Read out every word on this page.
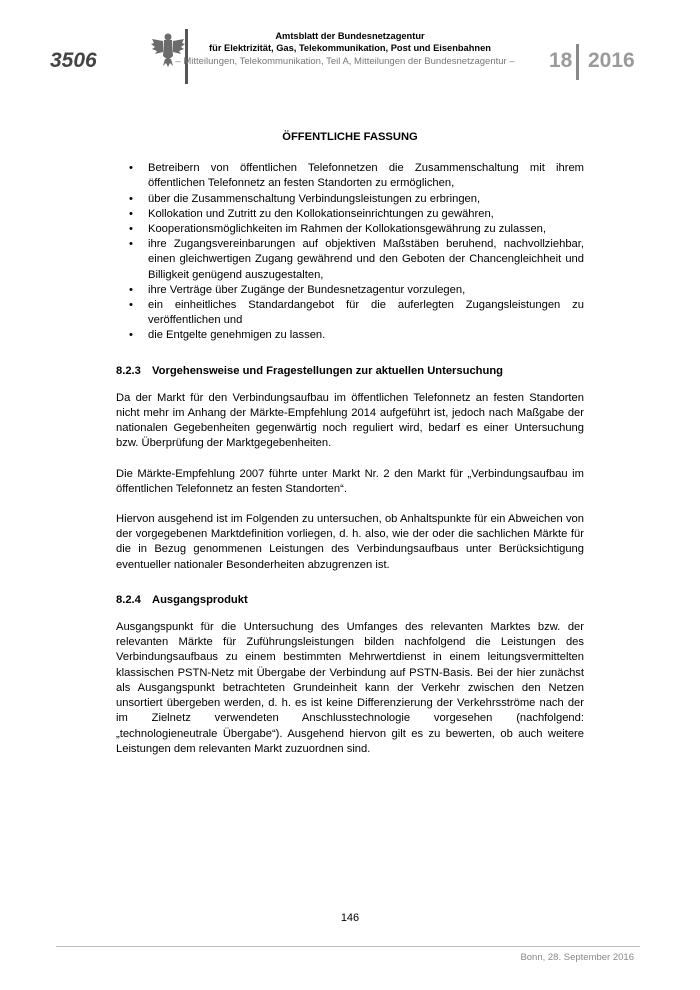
3506
Amtsblatt der Bundesnetzagentur
für Elektrizität, Gas, Telekommunikation, Post und Eisenbahnen
– Mitteilungen, Telekommunikation, Teil A, Mitteilungen der Bundesnetzagentur –	18 2016
ÖFFENTLICHE FASSUNG
• Betreibern von öffentlichen Telefonnetzen die Zusammenschaltung mit ihrem öffentlichen Telefonnetz an festen Standorten zu ermöglichen,
• über die Zusammenschaltung Verbindungsleistungen zu erbringen,
• Kollokation und Zutritt zu den Kollokationseinrichtungen zu gewähren,
• Kooperationsmöglichkeiten im Rahmen der Kollokationsgewährung zu zulassen,
• ihre Zugangsvereinbarungen auf objektiven Maßstäben beruhend, nachvollziehbar, einen gleichwertigen Zugang gewährend und den Geboten der Chancengleichheit und Billigkeit genügend auszugestalten,
• ihre Verträge über Zugänge der Bundesnetzagentur vorzulegen,
• ein einheitliches Standardangebot für die auferlegten Zugangsleistungen zu veröffentlichen und
• die Entgelte genehmigen zu lassen.
8.2.3 Vorgehensweise und Fragestellungen zur aktuellen Untersuchung

Da der Markt für den Verbindungsaufbau im öffentlichen Telefonnetz an festen Standorten nicht mehr im Anhang der Märkte-Empfehlung 2014 aufgeführt ist, jedoch nach Maßgabe der nationalen Gegebenheiten gegenwärtig noch reguliert wird, bedarf es einer Untersuchung bzw. Überprüfung der Marktgegebenheiten.

Die Märkte-Empfehlung 2007 führte unter Markt Nr. 2 den Markt für „Verbindungsaufbau im öffentlichen Telefonnetz an festen Standorten“.

Hiervon ausgehend ist im Folgenden zu untersuchen, ob Anhaltspunkte für ein Abweichen von der vorgegebenen Marktdefinition vorliegen, d. h. also, wie der oder die sachlichen Märkte für die in Bezug genommenen Leistungen des Verbindungsaufbaus unter Berücksichtigung eventueller nationaler Besonderheiten abzugrenzen ist.

8.2.4 Ausgangsprodukt

Ausgangspunkt für die Untersuchung des Umfanges des relevanten Marktes bzw. der relevanten Märkte für Zuführungsleistungen bilden nachfolgend die Leistungen des Verbindungsaufbaus zu einem bestimmten Mehrwertdienst in einem leitungsvermittelten klassischen PSTN-Netz mit Übergabe der Verbindung auf PSTN-Basis. Bei der hier zunächst als Ausgangspunkt betrachteten Grundeinheit kann der Verkehr zwischen den Netzen unsortiert übergeben werden, d. h. es ist keine Differenzierung der Verkehrsströme nach der im Zielnetz verwendeten Anschlusstechnologie vorgesehen (nachfolgend: „technologieneutrale Übergabe“). Ausgehend hiervon gilt es zu bewerten, ob auch weitere Leistungen dem relevanten Markt zuzuordnen sind.

146
Bonn, 28. September 2016
